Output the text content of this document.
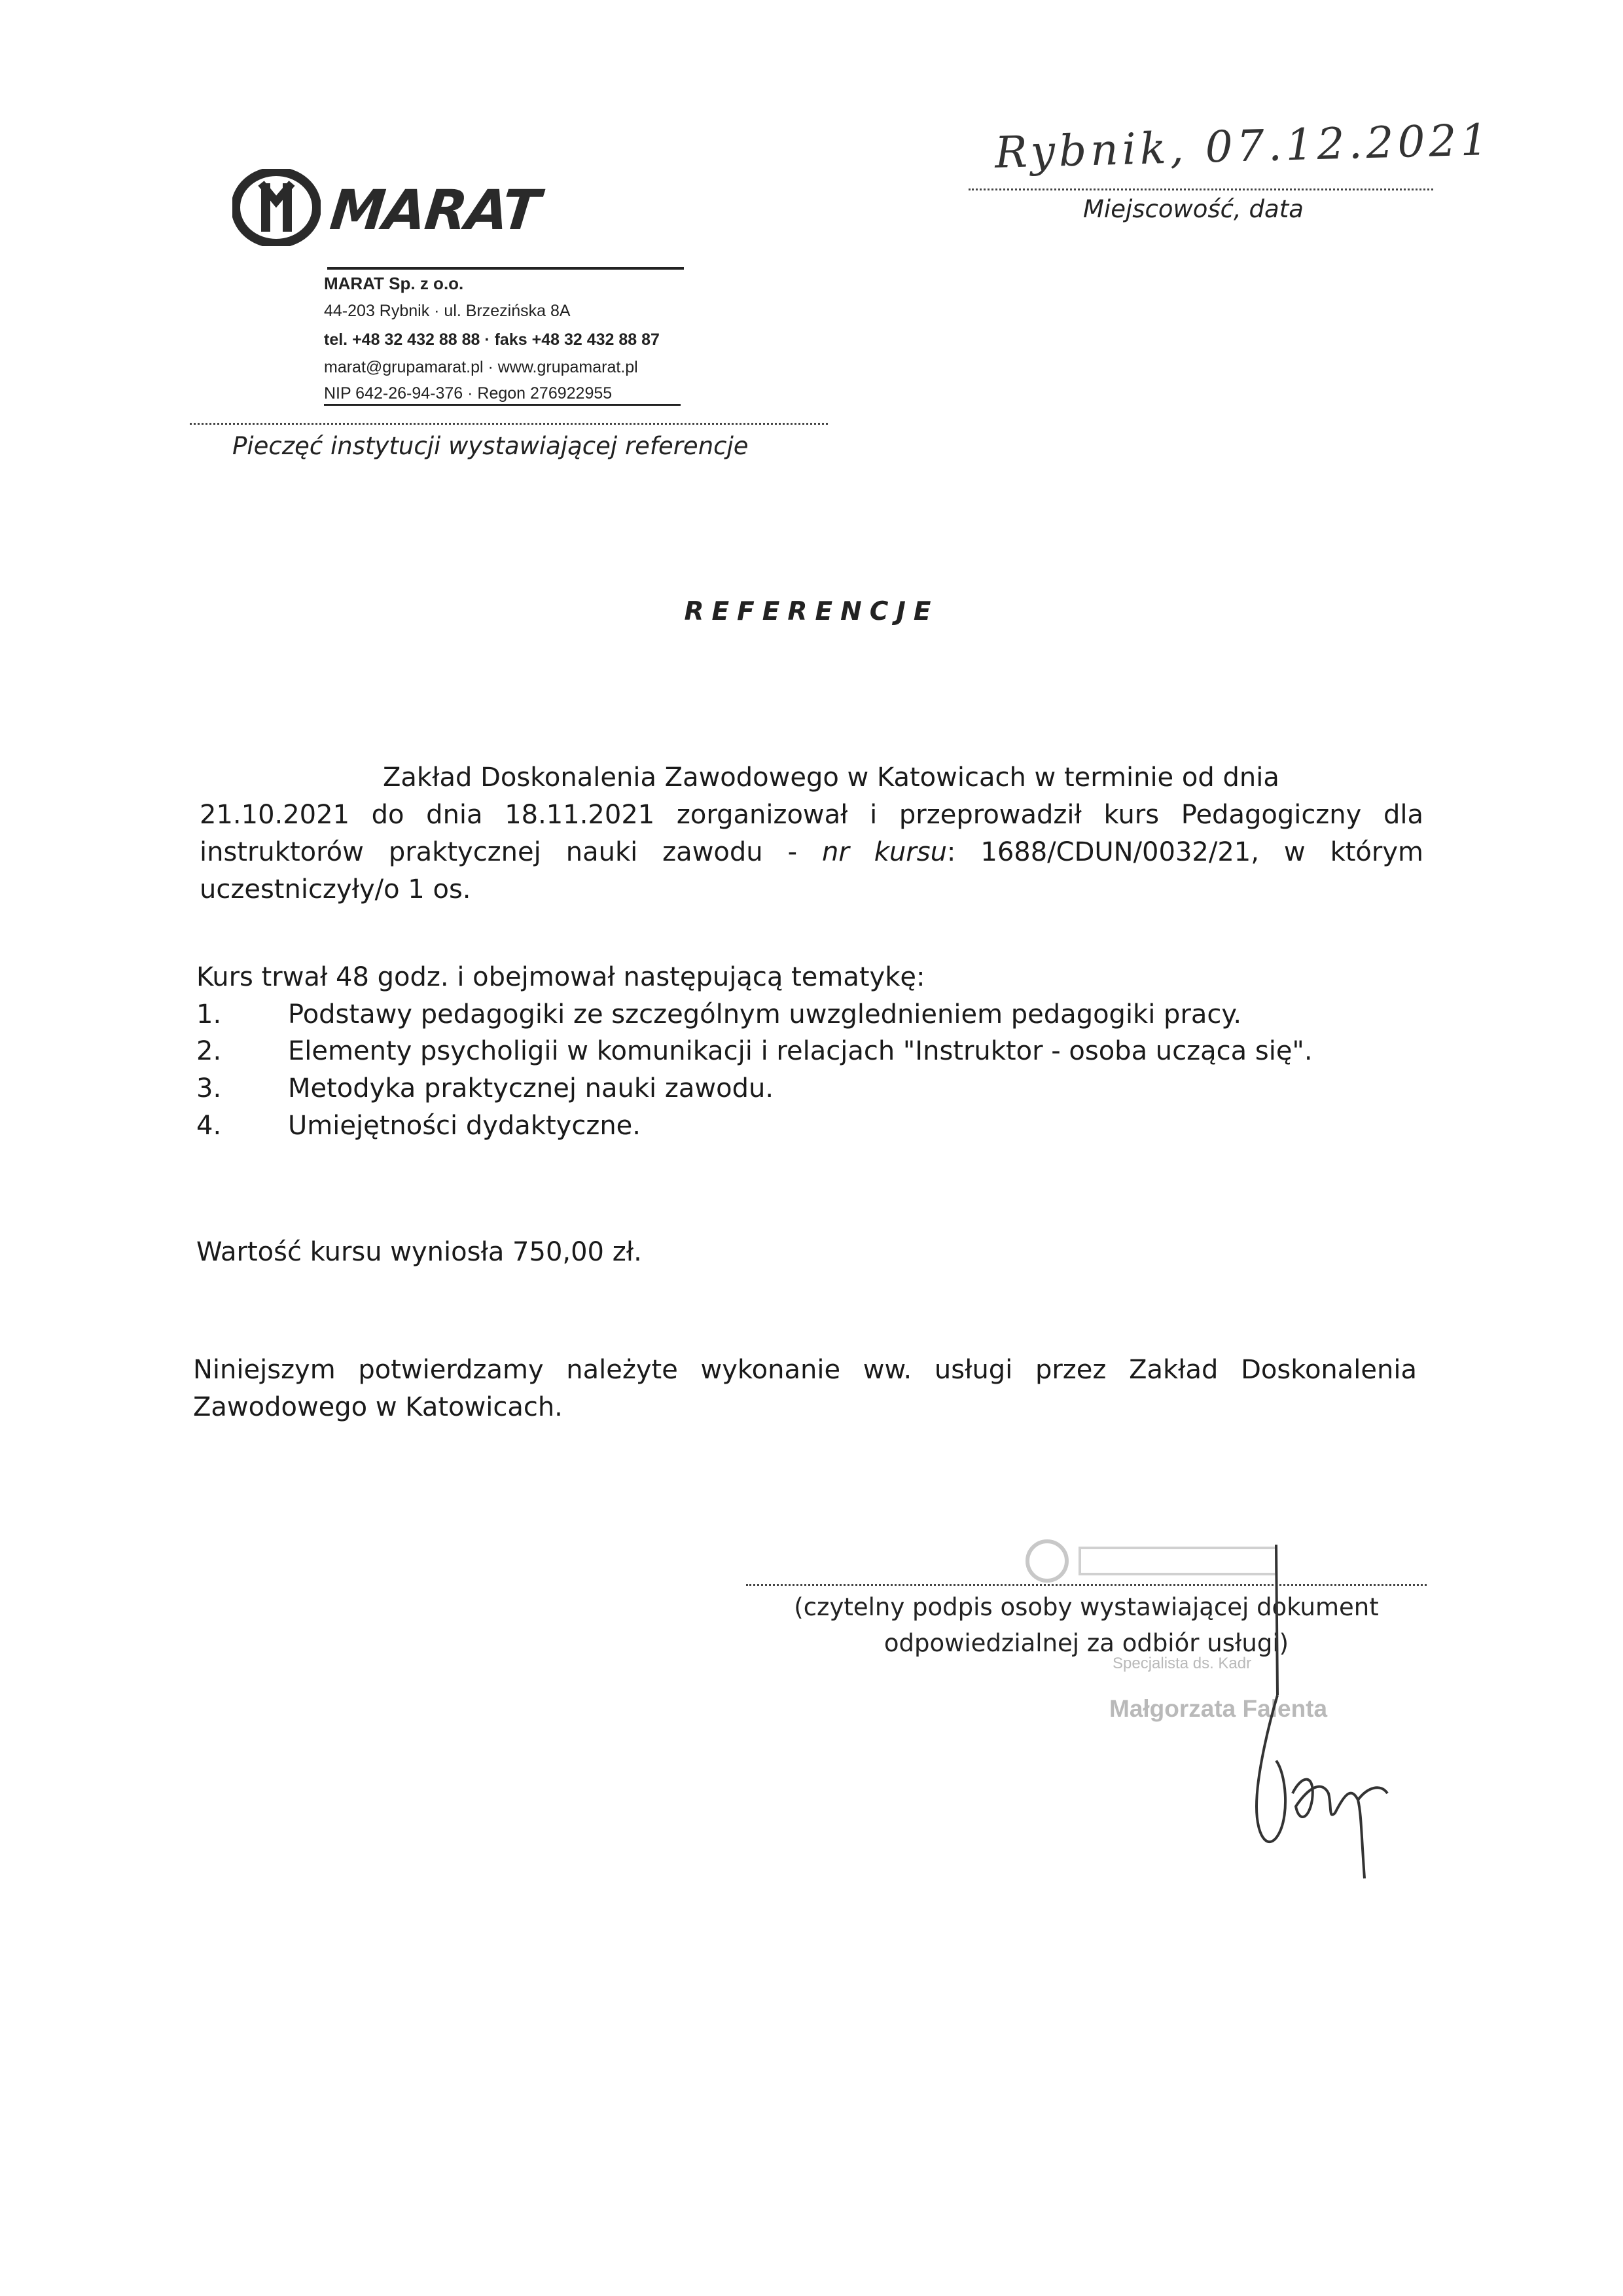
MARAT
MARAT Sp. z o.o.
44-203 Rybnik · ul. Brzezińska 8A
tel. +48 32 432 88 88 · faks +48 32 432 88 87
marat@grupamarat.pl · www.grupamarat.pl
NIP 642-26-94-376 · Regon 276922955
Pieczęć instytucji wystawiającej referencje
Rybnik, 07.12.2021
Miejscowość, data
REFERENCJE
Zakład Doskonalenia Zawodowego w Katowicach w terminie od dnia
21.10.2021 do dnia 18.11.2021 zorganizował i przeprowadził kurs Pedagogiczny dla instruktorów praktycznej nauki zawodu - nr kursu: 1688/CDUN/0032/21, w którym uczestniczyły/o 1 os.
Kurs trwał 48 godz. i obejmował następującą tematykę:
1.	Podstawy pedagogiki ze szczególnym uwzglednieniem pedagogiki pracy.
2.	Elementy psycholigii w komunikacji i relacjach "Instruktor - osoba ucząca się".
3.	Metodyka praktycznej nauki zawodu.
4.	Umiejętności dydaktyczne.
Wartość kursu wyniosła 750,00 zł.
Niniejszym potwierdzamy należyte wykonanie ww. usługi przez Zakład Doskonalenia Zawodowego w Katowicach.
(czytelny podpis osoby wystawiającej dokument
odpowiedzialnej za odbiór usługi)
Specjalista ds. Kadr
Małgorzata Falenta
